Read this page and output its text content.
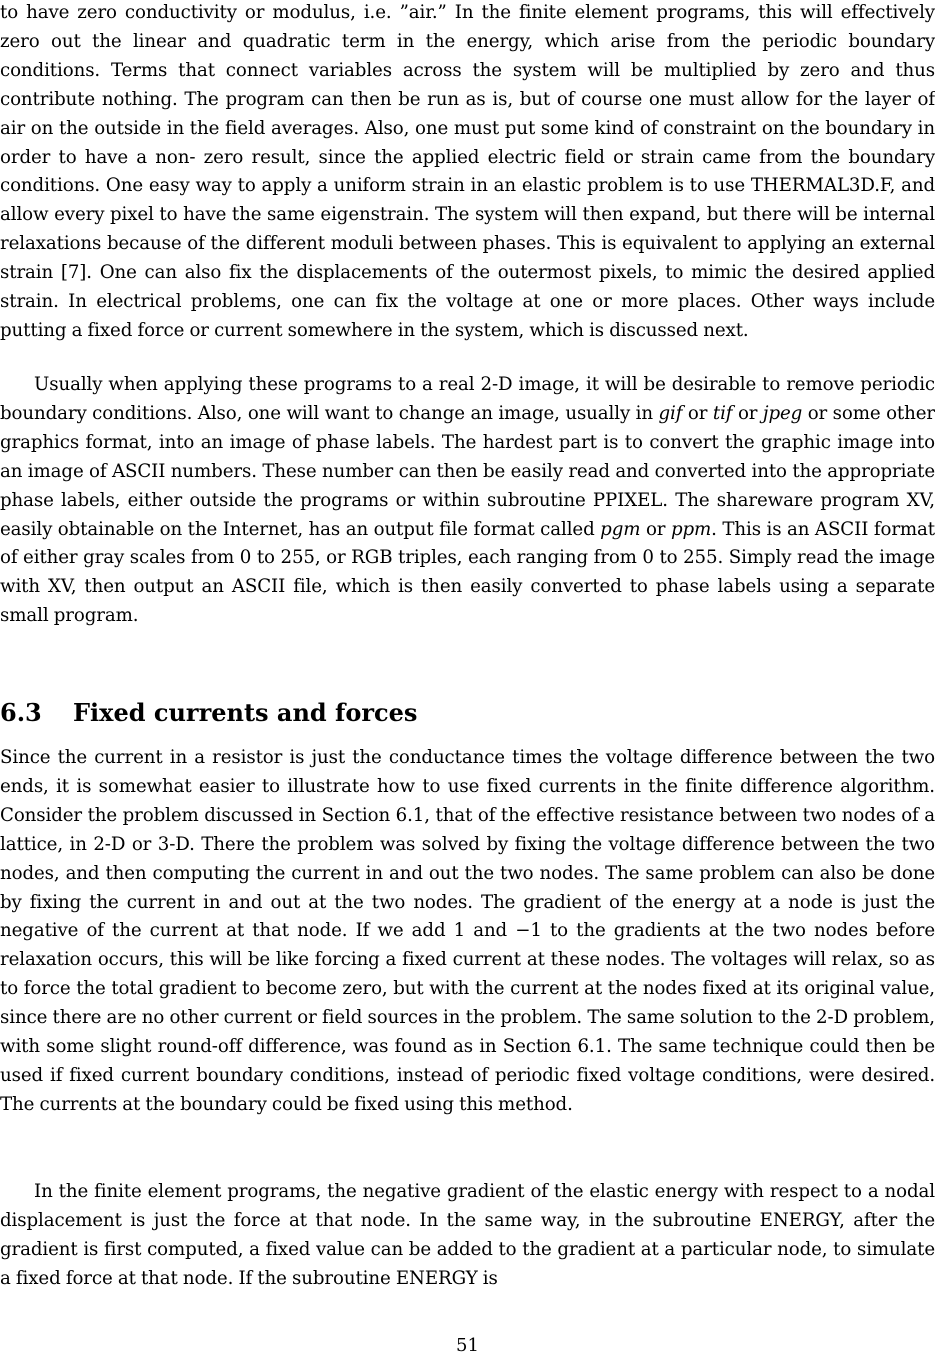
to have zero conductivity or modulus, i.e. ”air.” In the finite element programs, this will effectively zero out the linear and quadratic term in the energy, which arise from the periodic boundary conditions. Terms that connect variables across the system will be multiplied by zero and thus contribute nothing. The program can then be run as is, but of course one must allow for the layer of air on the outside in the field averages. Also, one must put some kind of constraint on the boundary in order to have a non- zero result, since the applied electric field or strain came from the boundary conditions. One easy way to apply a uniform strain in an elastic problem is to use THERMAL3D.F, and allow every pixel to have the same eigenstrain. The system will then expand, but there will be internal relaxations because of the different moduli between phases. This is equivalent to applying an external strain [7]. One can also fix the displacements of the outermost pixels, to mimic the desired applied strain. In electrical problems, one can fix the voltage at one or more places. Other ways include putting a fixed force or current somewhere in the system, which is discussed next.

Usually when applying these programs to a real 2-D image, it will be desirable to remove periodic boundary conditions. Also, one will want to change an image, usually in gif or tif or jpeg or some other graphics format, into an image of phase labels. The hardest part is to convert the graphic image into an image of ASCII numbers. These number can then be easily read and converted into the appropriate phase labels, either outside the programs or within subroutine PPIXEL. The shareware program XV, easily obtainable on the Internet, has an output file format called pgm or ppm. This is an ASCII format of either gray scales from 0 to 255, or RGB triples, each ranging from 0 to 255. Simply read the image with XV, then output an ASCII file, which is then easily converted to phase labels using a separate small program.

6.3 Fixed currents and forces

Since the current in a resistor is just the conductance times the voltage difference between the two ends, it is somewhat easier to illustrate how to use fixed currents in the finite difference algorithm. Consider the problem discussed in Section 6.1, that of the effective resistance between two nodes of a lattice, in 2-D or 3-D. There the problem was solved by fixing the voltage difference between the two nodes, and then computing the current in and out the two nodes. The same problem can also be done by fixing the current in and out at the two nodes. The gradient of the energy at a node is just the negative of the current at that node. If we add 1 and −1 to the gradients at the two nodes before relaxation occurs, this will be like forcing a fixed current at these nodes. The voltages will relax, so as to force the total gradient to become zero, but with the current at the nodes fixed at its original value, since there are no other current or field sources in the problem. The same solution to the 2-D problem, with some slight round-off difference, was found as in Section 6.1. The same technique could then be used if fixed current boundary conditions, instead of periodic fixed voltage conditions, were desired. The currents at the boundary could be fixed using this method.

In the finite element programs, the negative gradient of the elastic energy with respect to a nodal displacement is just the force at that node. In the same way, in the subroutine ENERGY, after the gradient is first computed, a fixed value can be added to the gradient at a particular node, to simulate a fixed force at that node. If the subroutine ENERGY is

51
